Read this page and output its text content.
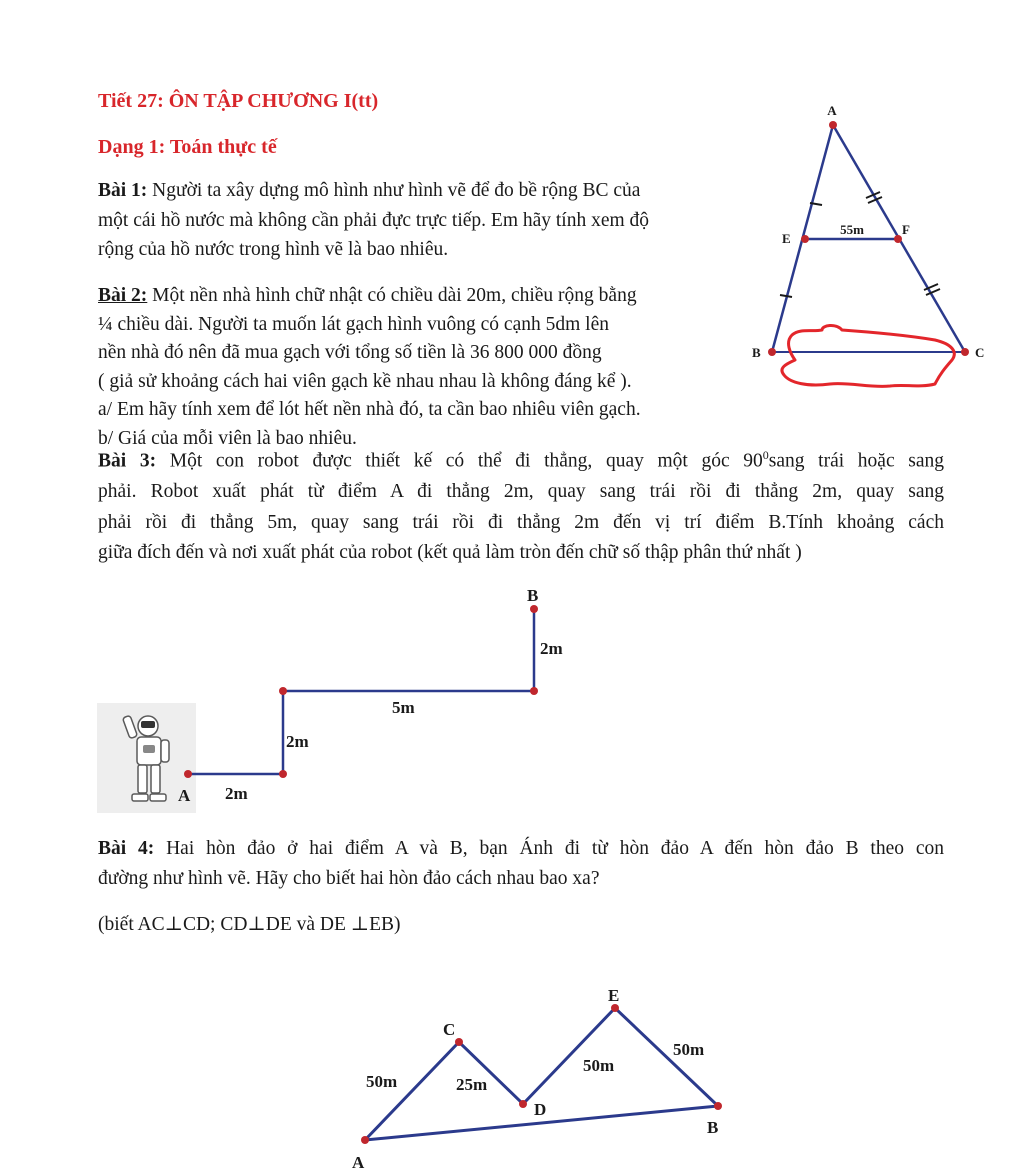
Tiết 27: ÔN TẬP CHƯƠNG I(tt)
Dạng 1: Toán thực tế
Bài 1: Người ta xây dựng mô hình như hình vẽ để đo bề rộng BC của
một cái hồ nước mà không cần phải đực trực tiếp. Em hãy tính xem độ
rộng của hồ nước trong hình vẽ là bao nhiêu.
Bài 2: Một nền nhà hình chữ nhật có chiều dài 20m, chiều rộng bằng
¼ chiều dài. Người ta muốn lát gạch hình vuông có cạnh 5dm lên
nền nhà đó nên đã mua gạch với tổng số tiền là 36 800 000 đồng
( giả sử khoảng cách hai viên gạch kề nhau nhau là không đáng kể ).
a/ Em hãy tính xem để lót hết nền nhà đó, ta cần bao nhiêu viên gạch.
b/ Giá của mỗi viên là bao nhiêu.
Bài 3: Một con robot được thiết kế có thể đi thẳng, quay một góc $90^0sang$ trái hoặc sang
phải. Robot xuất phát từ điểm A đi thẳng 2m, quay sang trái rồi đi thẳng 2m, quay sang
phải rồi đi thẳng 5m, quay sang trái rồi đi thẳng 2m đến vị trí điểm B.Tính khoảng cách
giữa đích đến và nơi xuất phát của robot (kết quả làm tròn đến chữ số thập phân thứ nhất )
Bài 4: Hai hòn đảo ở hai điểm A và B, bạn Ánh đi từ hòn đảo A đến hòn đảo B theo con
đường như hình vẽ. Hãy cho biết hai hòn đảo cách nhau bao xa?
(biết AC⊥CD; CD⊥DE và DE ⊥EB)
A
E
F
B	C
55m
A
B
2m
2m
5m
2m
A
C
D
E
B
50m	25m
50m
50m
